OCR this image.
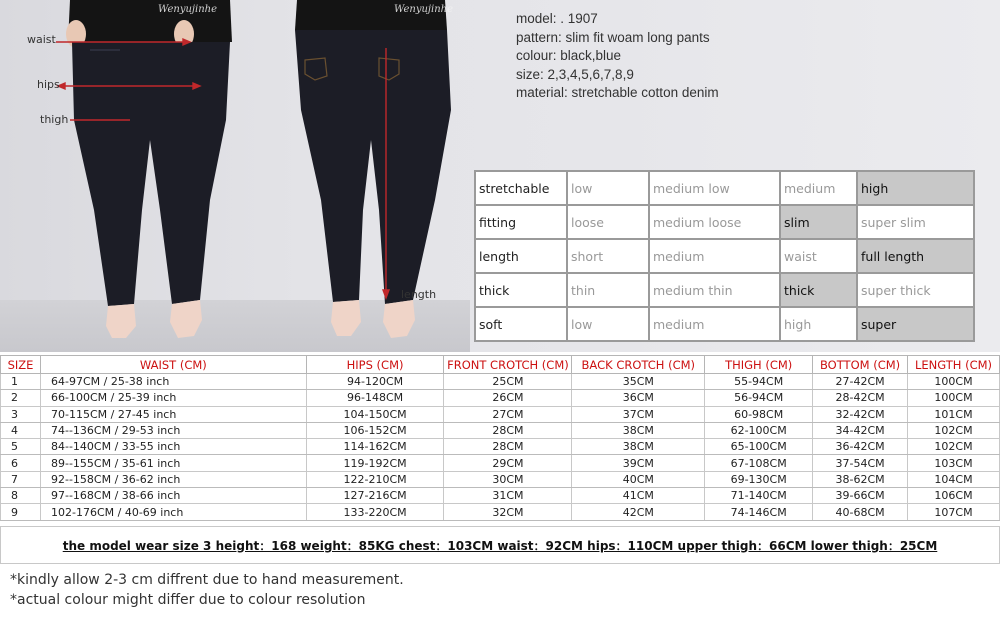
Wenyujinhe	Wenyujinhe
waist
hips
thigh
length
model: . 1907
pattern: slim fit woam long pants
colour: black,blue
size: 2,3,4,5,6,7,8,9
material: stretchable cotton denim
stretchable	low	medium low	medium	high
fitting	loose	medium loose	slim	super slim
length	short	medium	waist	full length
thick	thin	medium thin	thick	super thick
soft	low	medium	high	super
SIZE	WAIST (CM)	HIPS (CM)	FRONT CROTCH (CM)	BACK CROTCH (CM)	THIGH (CM)	BOTTOM (CM)	LENGTH (CM)
1	64-97CM / 25-38 inch	94-120CM	25CM	35CM	55-94CM	27-42CM	100CM
2	66-100CM / 25-39 inch	96-148CM	26CM	36CM	56-94CM	28-42CM	100CM
3	70-115CM / 27-45 inch	104-150CM	27CM	37CM	60-98CM	32-42CM	101CM
4	74--136CM / 29-53 inch	106-152CM	28CM	38CM	62-100CM	34-42CM	102CM
5	84--140CM / 33-55 inch	114-162CM	28CM	38CM	65-100CM	36-42CM	102CM
6	89--155CM / 35-61 inch	119-192CM	29CM	39CM	67-108CM	37-54CM	103CM
7	92--158CM / 36-62 inch	122-210CM	30CM	40CM	69-130CM	38-62CM	104CM
8	97--168CM / 38-66 inch	127-216CM	31CM	41CM	71-140CM	39-66CM	106CM
9	102-176CM / 40-69 inch	133-220CM	32CM	42CM	74-146CM	40-68CM	107CM
the model wear size 3 height：168 weight：85KG chest：103CM waist：92CM hips：110CM upper thigh：66CM lower thigh：25CM
*kindly allow 2-3 cm diffrent due to hand measurement.
*actual colour might differ due to colour resolution
